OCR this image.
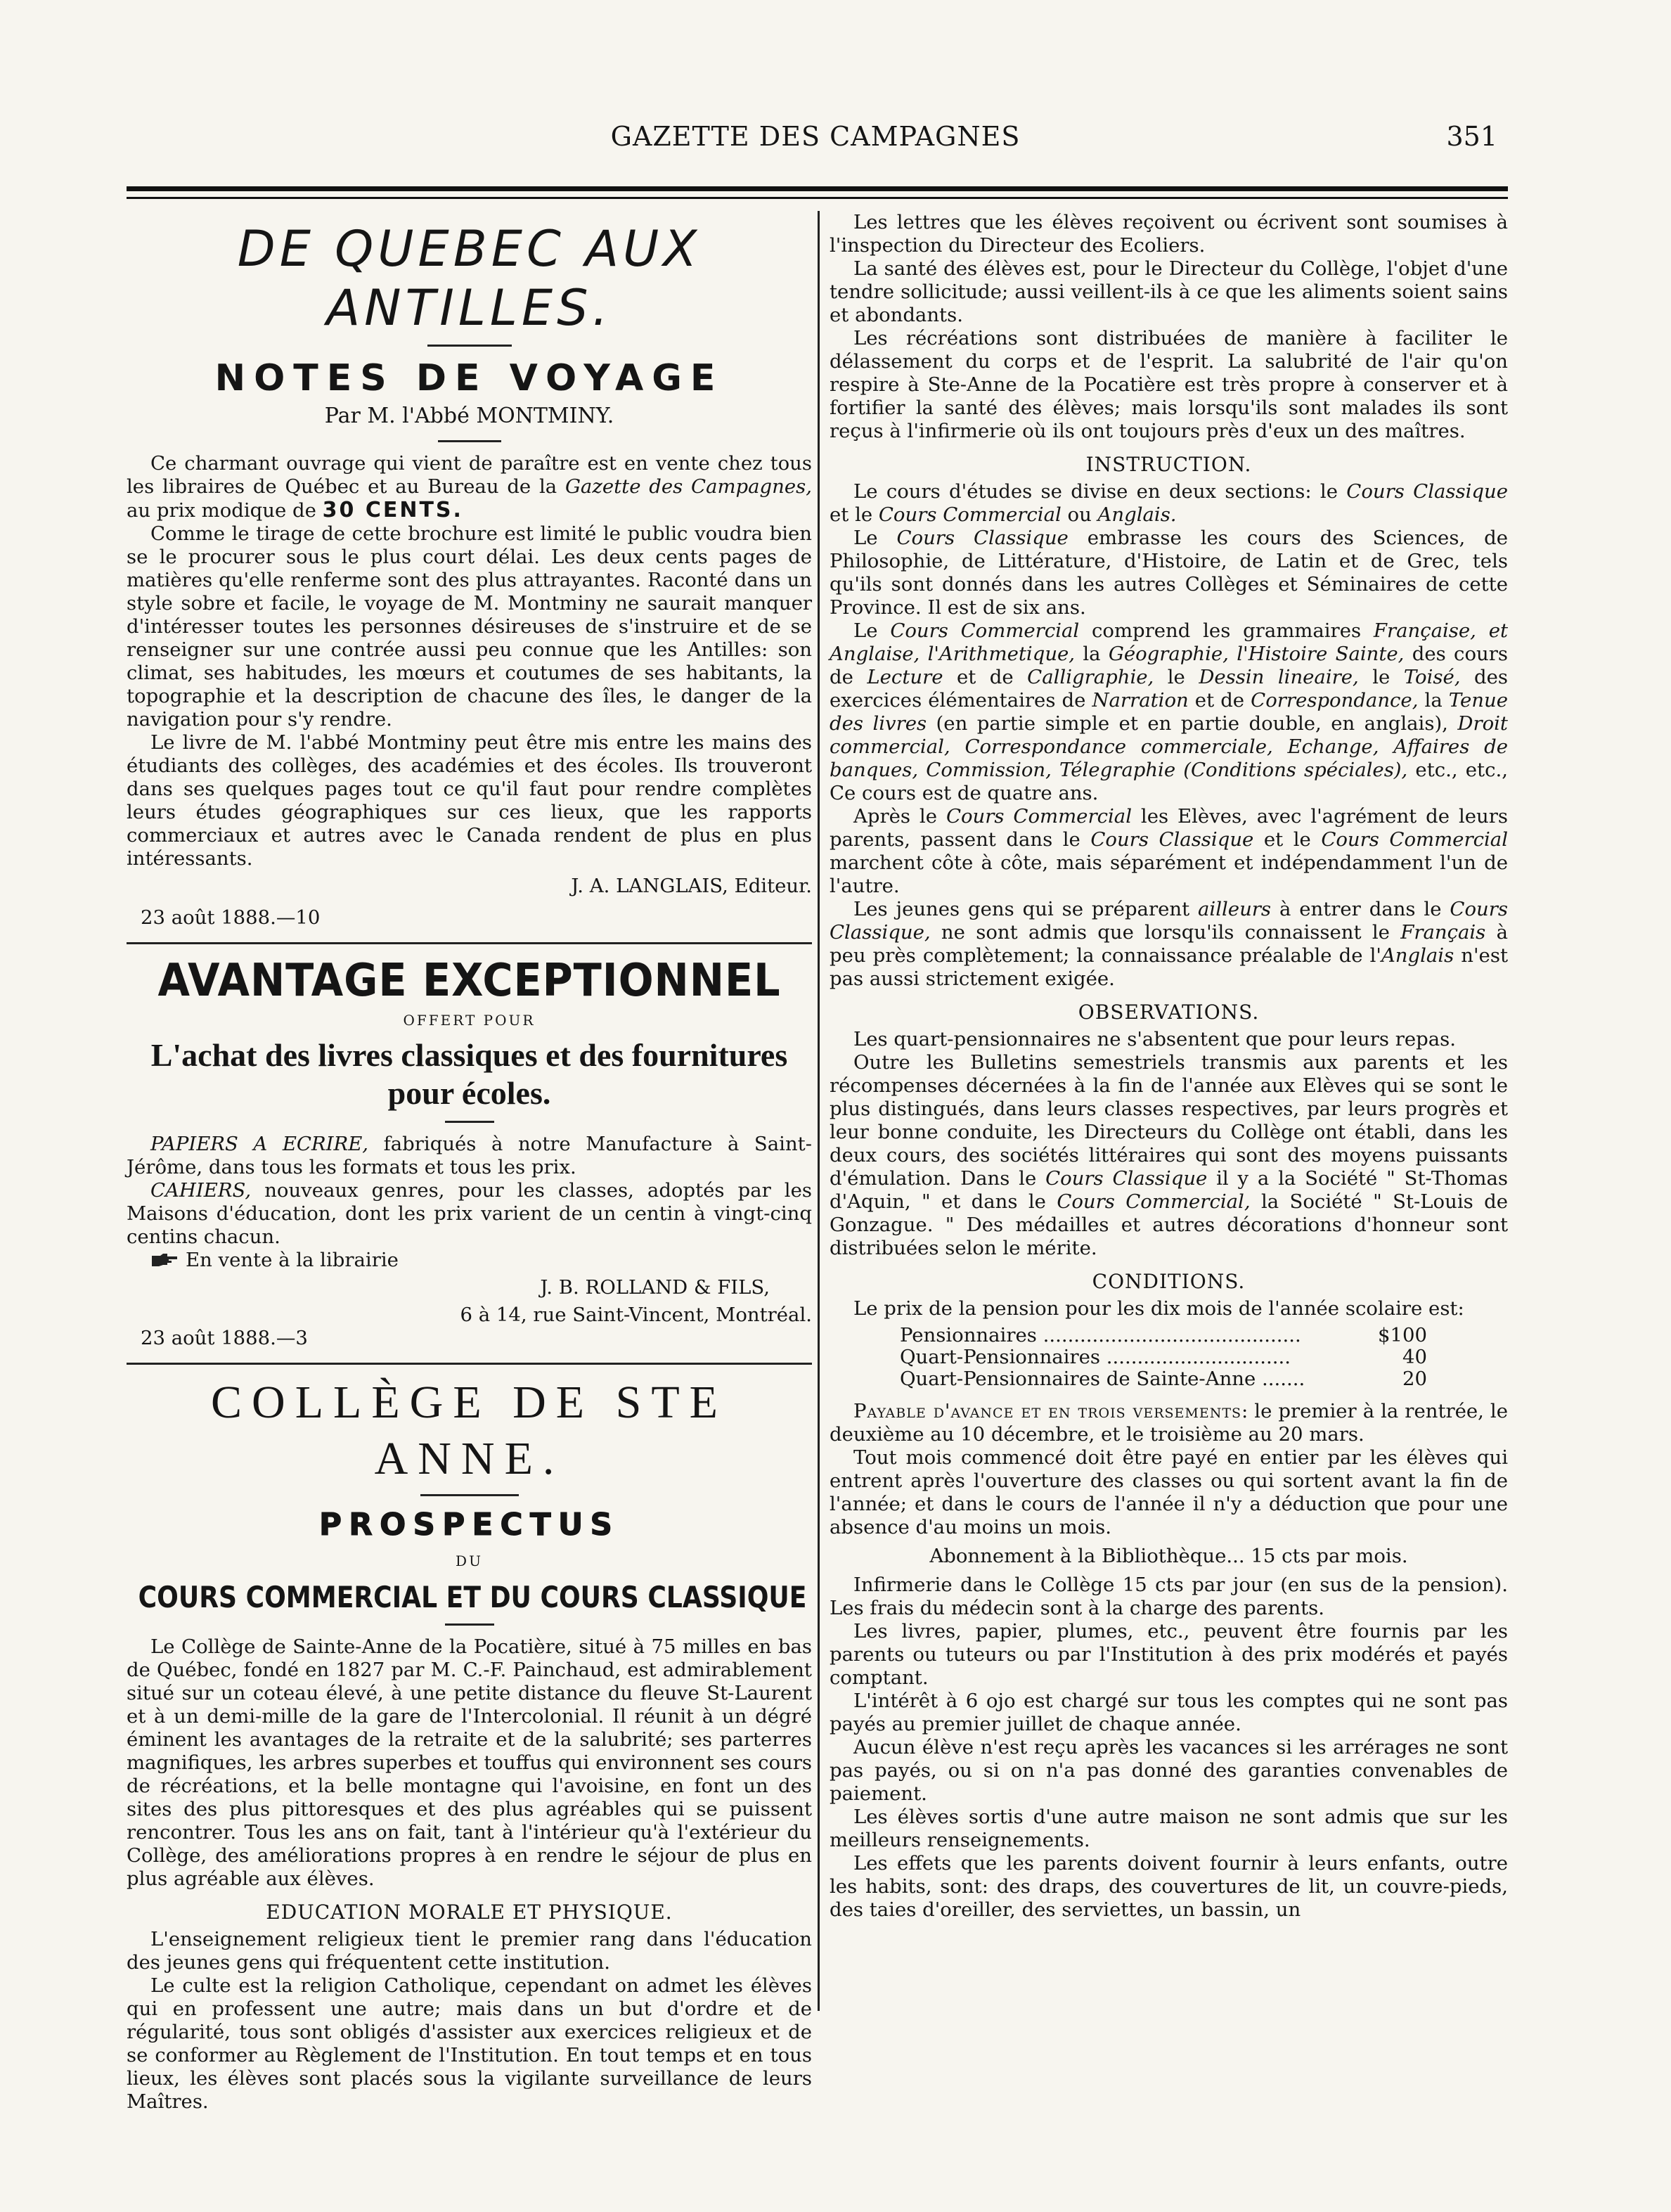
GAZETTE DES CAMPAGNES	351
DE QUEBEC AUX ANTILLES.
NOTES DE VOYAGE
Par M. l'Abbé MONTMINY.

Ce charmant ouvrage qui vient de paraître est en vente chez tous les libraires de Québec et au Bureau de la Gazette des Campagnes, au prix modique de 30 CENTS.

Comme le tirage de cette brochure est limité le public voudra bien se le procurer sous le plus court délai. Les deux cents pages de matières qu'elle renferme sont des plus attrayantes. Raconté dans un style sobre et facile, le voyage de M. Montminy ne saurait manquer d'intéresser toutes les personnes désireuses de s'instruire et de se renseigner sur une contrée aussi peu connue que les Antilles: son climat, ses habitudes, les mœurs et coutumes de ses habitants, la topographie et la description de chacune des îles, le danger de la navigation pour s'y rendre.

Le livre de M. l'abbé Montminy peut être mis entre les mains des étudiants des collèges, des académies et des écoles. Ils trouveront dans ses quelques pages tout ce qu'il faut pour rendre complètes leurs études géographiques sur ces lieux, que les rapports commerciaux et autres avec le Canada rendent de plus en plus intéressants.

J. A. LANGLAIS, Editeur.
23 août 1888.—10
AVANTAGE EXCEPTIONNEL
OFFERT POUR
L'achat des livres classiques et des fournitures pour écoles.

PAPIERS A ECRIRE, fabriqués à notre Manufacture à Saint-Jérôme, dans tous les formats et tous les prix.

CAHIERS, nouveaux genres, pour les classes, adoptés par les Maisons d'éducation, dont les prix varient de un centin à vingt-cinq centins chacun.

En vente à la librairie

J. B. ROLLAND & FILS,
6 à 14, rue Saint-Vincent, Montréal.
23 août 1888.—3
COLLÈGE DE STE ANNE.
PROSPECTUS
DU
COURS COMMERCIAL ET DU COURS CLASSIQUE

Le Collège de Sainte-Anne de la Pocatière, situé à 75 milles en bas de Québec, fondé en 1827 par M. C.-F. Painchaud, est admirablement situé sur un coteau élevé, à une petite distance du fleuve St-Laurent et à un demi-mille de la gare de l'Intercolonial. Il réunit à un dégré éminent les avantages de la retraite et de la salubrité; ses parterres magnifiques, les arbres superbes et touffus qui environnent ses cours de récréations, et la belle montagne qui l'avoisine, en font un des sites des plus pittoresques et des plus agréables qui se puissent rencontrer. Tous les ans on fait, tant à l'intérieur qu'à l'extérieur du Collège, des améliorations propres à en rendre le séjour de plus en plus agréable aux élèves.

EDUCATION MORALE ET PHYSIQUE.

L'enseignement religieux tient le premier rang dans l'éducation des jeunes gens qui fréquentent cette institution.

Le culte est la religion Catholique, cependant on admet les élèves qui en professent une autre; mais dans un but d'ordre et de régularité, tous sont obligés d'assister aux exercices religieux et de se conformer au Règlement de l'Institution. En tout temps et en tous lieux, les élèves sont placés sous la vigilante surveillance de leurs Maîtres.

Les lettres que les élèves reçoivent ou écrivent sont soumises à l'inspection du Directeur des Ecoliers.

La santé des élèves est, pour le Directeur du Collège, l'objet d'une tendre sollicitude; aussi veillent-ils à ce que les aliments soient sains et abondants.

Les récréations sont distribuées de manière à faciliter le délassement du corps et de l'esprit. La salubrité de l'air qu'on respire à Ste-Anne de la Pocatière est très propre à conserver et à fortifier la santé des élèves; mais lorsqu'ils sont malades ils sont reçus à l'infirmerie où ils ont toujours près d'eux un des maîtres.

INSTRUCTION.

Le cours d'études se divise en deux sections: le Cours Classique et le Cours Commercial ou Anglais.

Le Cours Classique embrasse les cours des Sciences, de Philosophie, de Littérature, d'Histoire, de Latin et de Grec, tels qu'ils sont donnés dans les autres Collèges et Séminaires de cette Province. Il est de six ans.

Le Cours Commercial comprend les grammaires Française, et Anglaise, l'Arithmetique, la Géographie, l'Histoire Sainte, des cours de Lecture et de Calligraphie, le Dessin lineaire, le Toisé, des exercices élémentaires de Narration et de Correspondance, la Tenue des livres (en partie simple et en partie double, en anglais), Droit commercial, Correspondance commerciale, Echange, Affaires de banques, Commission, Télegraphie (Conditions spéciales), etc., etc., Ce cours est de quatre ans.

Après le Cours Commercial les Elèves, avec l'agrément de leurs parents, passent dans le Cours Classique et le Cours Commercial marchent côte à côte, mais séparément et indépendamment l'un de l'autre.

Les jeunes gens qui se préparent ailleurs à entrer dans le Cours Classique, ne sont admis que lorsqu'ils connaissent le Français à peu près complètement; la connaissance préalable de l'Anglais n'est pas aussi strictement exigée.

OBSERVATIONS.

Les quart-pensionnaires ne s'absentent que pour leurs repas.

Outre les Bulletins semestriels transmis aux parents et les récompenses décernées à la fin de l'année aux Elèves qui se sont le plus distingués, dans leurs classes respectives, par leurs progrès et leur bonne conduite, les Directeurs du Collège ont établi, dans les deux cours, des sociétés littéraires qui sont des moyens puissants d'émulation. Dans le Cours Classique il y a la Société " St-Thomas d'Aquin, " et dans le Cours Commercial, la Société " St-Louis de Gonzague. " Des médailles et autres décorations d'honneur sont distribuées selon le mérite.

CONDITIONS.

Le prix de la pension pour les dix mois de l'année scolaire est:

Pensionnaires ..........................................	$100
Quart-Pensionnaires ..............................	40
Quart-Pensionnaires de Sainte-Anne .......	20

Payable d'avance et en trois versements: le premier à la rentrée, le deuxième au 10 décembre, et le troisième au 20 mars.

Tout mois commencé doit être payé en entier par les élèves qui entrent après l'ouverture des classes ou qui sortent avant la fin de l'année; et dans le cours de l'année il n'y a déduction que pour une absence d'au moins un mois.

Abonnement à la Bibliothèque... 15 cts par mois.

Infirmerie dans le Collège 15 cts par jour (en sus de la pension). Les frais du médecin sont à la charge des parents.

Les livres, papier, plumes, etc., peuvent être fournis par les parents ou tuteurs ou par l'Institution à des prix modérés et payés comptant.

L'intérêt à 6 ojo est chargé sur tous les comptes qui ne sont pas payés au premier juillet de chaque année.

Aucun élève n'est reçu après les vacances si les arrérages ne sont pas payés, ou si on n'a pas donné des garanties convenables de paiement.

Les élèves sortis d'une autre maison ne sont admis que sur les meilleurs renseignements.

Les effets que les parents doivent fournir à leurs enfants, outre les habits, sont: des draps, des couvertures de lit, un couvre-pieds, des taies d'oreiller, des serviettes, un bassin, un
